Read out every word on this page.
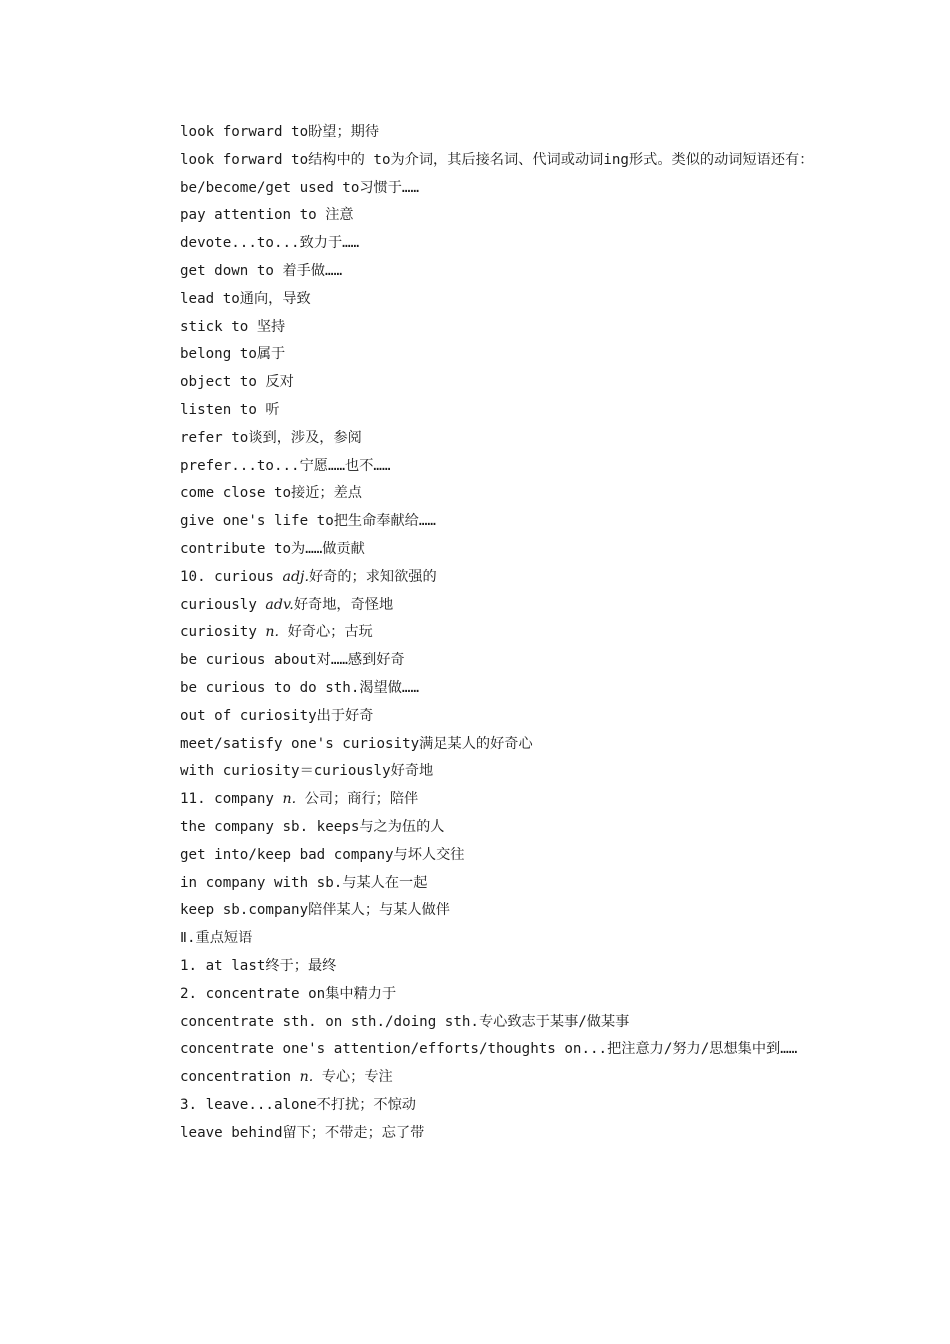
look forward to盼望；期待
look forward to结构中的 to为介词，其后接名词、代词或动词ing形式。类似的动词短语还有：
be/become/get used to习惯于……
pay attention to 注意
devote...to...致力于……
get down to 着手做……
lead to通向，导致
stick to 坚持
belong to属于
object to 反对
listen to 听
refer to谈到，涉及，参阅
prefer...to...宁愿……也不……
come close to接近；差点
give one's life to把生命奉献给……
contribute to为……做贡献
10. curious adj.好奇的；求知欲强的
curiously adv.好奇地，奇怪地
curiosity n. 好奇心；古玩
be curious about对……感到好奇
be curious to do sth.渴望做……
out of curiosity出于好奇
meet/satisfy one's curiosity满足某人的好奇心
with curiosity＝curiously好奇地
11. company n. 公司；商行；陪伴
the company sb. keeps与之为伍的人
get into/keep bad company与坏人交往
in company with sb.与某人在一起
keep sb.company陪伴某人；与某人做伴
Ⅱ.重点短语
1. at last终于；最终
2. concentrate on集中精力于
concentrate sth. on sth./doing sth.专心致志于某事/做某事
concentrate one's attention/efforts/thoughts on...把注意力/努力/思想集中到……
concentration n. 专心；专注
3. leave...alone不打扰；不惊动
leave behind留下；不带走；忘了带
